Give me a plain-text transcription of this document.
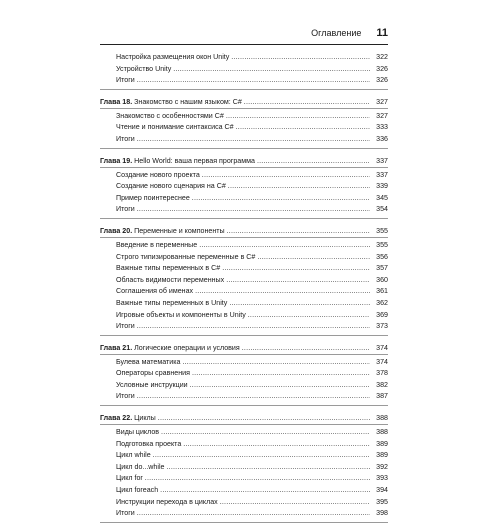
Оглавление 11
Настройка размещения окон Unity .....	322
Устройство Unity .....	326
Итоги .....	326
Глава 18. Знакомство с нашим языком: C# .....	327
Знакомство с особенностями C# .....	327
Чтение и понимание синтаксиса C# .....	333
Итоги .....	336
Глава 19. Hello World: ваша первая программа .....	337
Создание нового проекта .....	337
Создание нового сценария на C# .....	339
Пример поинтереснее .....	345
Итоги .....	354
Глава 20. Переменные и компоненты .....	355
Введение в переменные .....	355
Строго типизированные переменные в C# .....	356
Важные типы переменных в C# .....	357
Область видимости переменных .....	360
Соглашения об именах .....	361
Важные типы переменных в Unity .....	362
Игровые объекты и компоненты в Unity .....	369
Итоги .....	373
Глава 21. Логические операции и условия .....	374
Булева математика .....	374
Операторы сравнения .....	378
Условные инструкции .....	382
Итоги .....	387
Глава 22. Циклы .....	388
Виды циклов .....	388
Подготовка проекта .....	389
Цикл while .....	389
Цикл do...while .....	392
Цикл for .....	393
Цикл foreach .....	394
Инструкции перехода в циклах .....	395
Итоги .....	398
